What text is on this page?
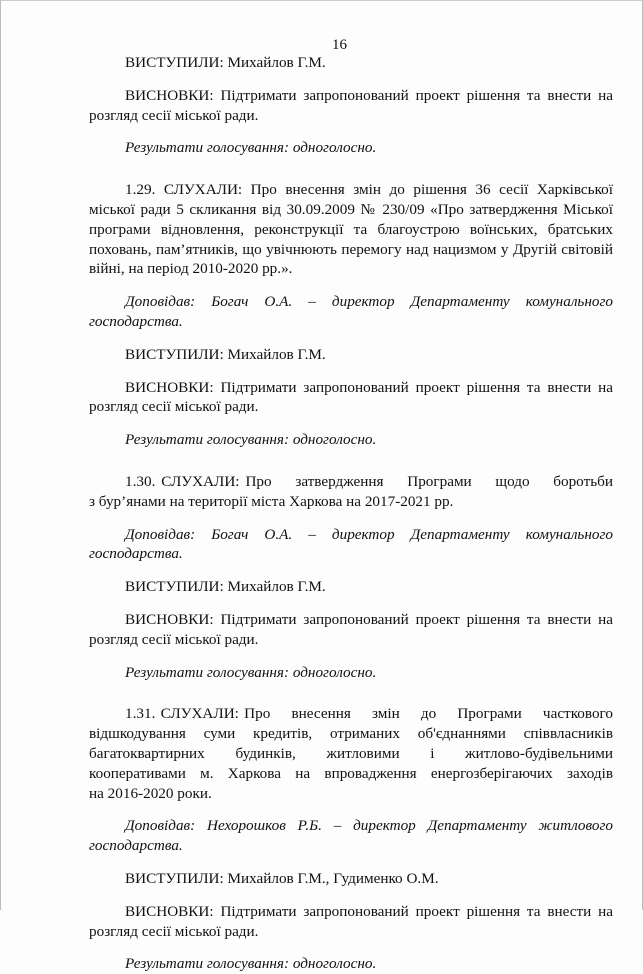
16

ВИСТУПИЛИ: Михайлов Г.М.

ВИСНОВКИ: Підтримати запропонований проект рішення та внести на

розгляд сесії міської ради.

Результати голосування: одноголосно.

1.29. СЛУХАЛИ: Про внесення змін до рішення 36 сесії Харківської

міської ради 5 скликання від 30.09.2009 № 230/09 «Про затвердження Міської

програми відновлення, реконструкції та благоустрою воїнських, братських

поховань, пам’ятників, що увічнюють перемогу над нацизмом у Другій світовій

війні, на період 2010-2020 рр.».

Доповідав: Богач О.А. – директор Департаменту комунального

господарства.

ВИСТУПИЛИ: Михайлов Г.М.

ВИСНОВКИ: Підтримати запропонований проект рішення та внести на

розгляд сесії міської ради.

Результати голосування: одноголосно.

1.30. СЛУХАЛИ: Про    затвердження    Програми    щодо    боротьби

з бур’янами на території міста Харкова на 2017-2021 рр.

Доповідав: Богач О.А. – директор Департаменту комунального

господарства.

ВИСТУПИЛИ: Михайлов Г.М.

ВИСНОВКИ: Підтримати запропонований проект рішення та внести на

розгляд сесії міської ради.

Результати голосування: одноголосно.

1.31. СЛУХАЛИ: Про    внесення    змін    до    Програми    часткового

відшкодування суми кредитів, отриманих об'єднаннями співвласників

багатоквартирних будинків, житловими і житлово-будівельними

кооперативами м. Харкова на впровадження енергозберігаючих заходів

на 2016-2020 роки.

Доповідав: Нехорошков Р.Б. – директор Департаменту житлового

господарства.

ВИСТУПИЛИ: Михайлов Г.М., Гудименко О.М.

ВИСНОВКИ: Підтримати запропонований проект рішення та внести на

розгляд сесії міської ради.

Результати голосування: одноголосно.
